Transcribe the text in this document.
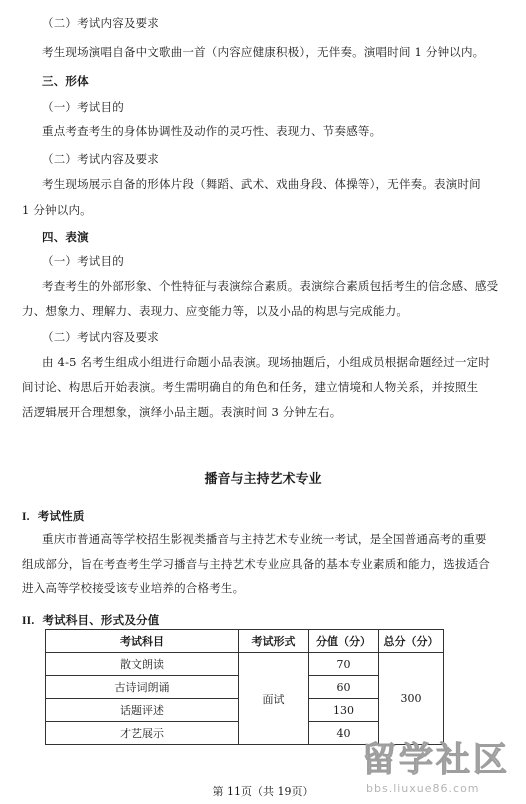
（二）考试内容及要求
考生现场演唱自备中文歌曲一首（内容应健康积极），无伴奏。演唱时间 1 分钟以内。
三、形体
（一）考试目的
重点考查考生的身体协调性及动作的灵巧性、表现力、节奏感等。
（二）考试内容及要求
考生现场展示自备的形体片段（舞蹈、武术、戏曲身段、体操等），无伴奏。表演时间
1 分钟以内。
四、表演
（一）考试目的
考查考生的外部形象、个性特征与表演综合素质。表演综合素质包括考生的信念感、感受
力、想象力、理解力、表现力、应变能力等，以及小品的构思与完成能力。
（二）考试内容及要求
由 4-5 名考生组成小组进行命题小品表演。现场抽题后，小组成员根据命题经过一定时
间讨论、构思后开始表演。考生需明确自的角色和任务，建立情境和人物关系，并按照生
活逻辑展开合理想象，演绎小品主题。表演时间 3 分钟左右。
播音与主持艺术专业
I. 考试性质
重庆市普通高等学校招生影视类播音与主持艺术专业统一考试，是全国普通高考的重要
组成部分，旨在考查考生学习播音与主持艺术专业应具备的基本专业素质和能力，选拔适合
进入高等学校接受该专业培养的合格考生。
II. 考试科目、形式及分值
考试科目	考试形式	分值（分）	总分（分）
散文朗读	面试	70	300
古诗词朗诵		60	
话题评述		130	
才艺展示		40	
第 11页（共 19页）
留学社区
bbs.liuxue86.com
